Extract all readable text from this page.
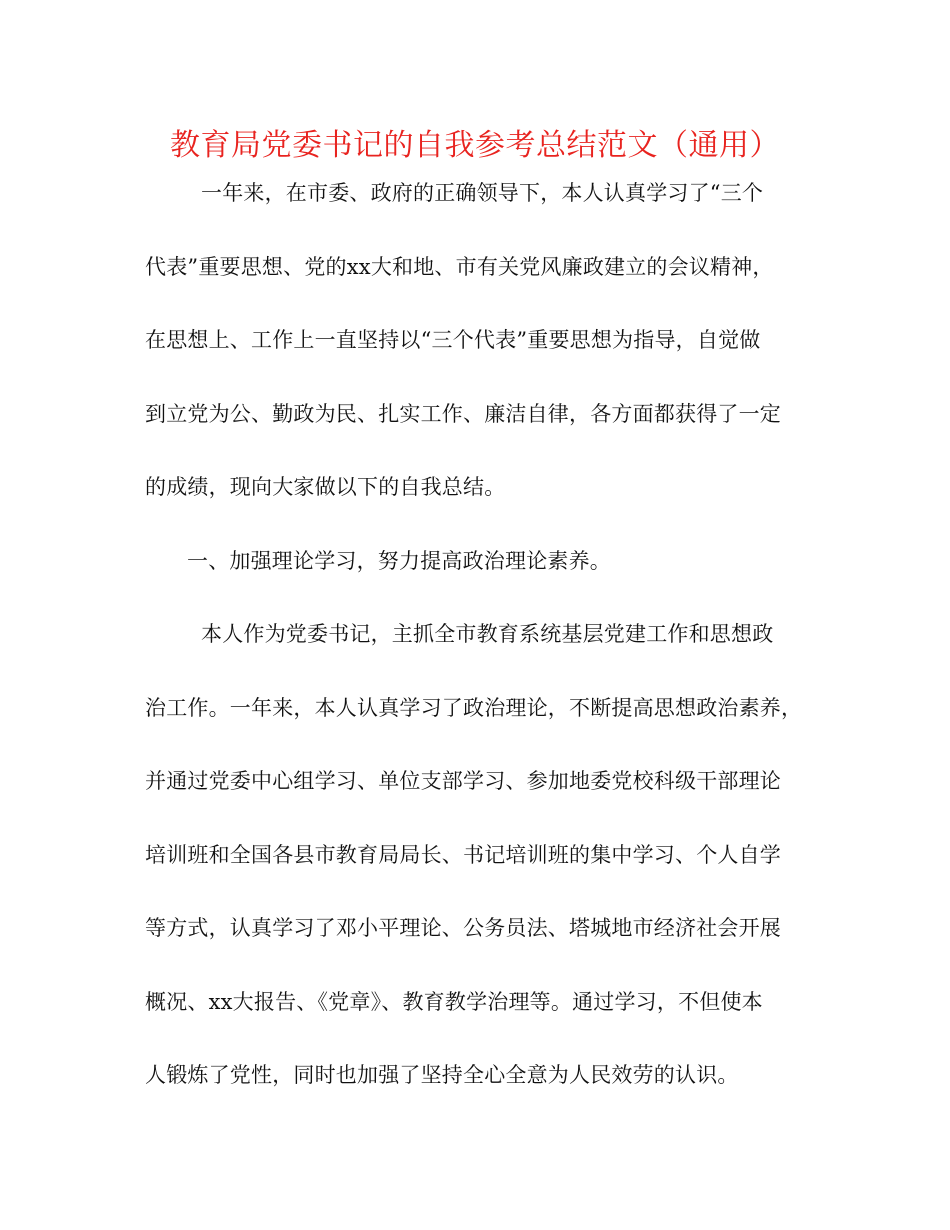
教育局党委书记的自我参考总结范文（通用）
一年来，在市委、政府的正确领导下，本人认真学习了“三个
代表”重要思想、党的xx大和地、市有关党风廉政建立的会议精神，
在思想上、工作上一直坚持以“三个代表”重要思想为指导，自觉做
到立党为公、勤政为民、扎实工作、廉洁自律，各方面都获得了一定
的成绩，现向大家做以下的自我总结。
一、加强理论学习，努力提高政治理论素养。
本人作为党委书记，主抓全市教育系统基层党建工作和思想政
治工作。一年来，本人认真学习了政治理论，不断提高思想政治素养，
并通过党委中心组学习、单位支部学习、参加地委党校科级干部理论
培训班和全国各县市教育局局长、书记培训班的集中学习、个人自学
等方式，认真学习了邓小平理论、公务员法、塔城地市经济社会开展
概况、xx大报告、《党章》、教育教学治理等。通过学习，不但使本
人锻炼了党性，同时也加强了坚持全心全意为人民效劳的认识。
